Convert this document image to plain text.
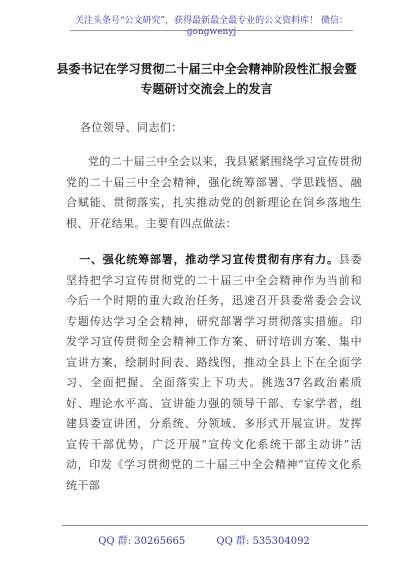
关注头条号“公文研究”，获得最新最全最专业的公文资料库！ 微信：gongwenyj
县委书记在学习贯彻二十届三中全会精神阶段性汇报会暨
专题研讨交流会上的发言
各位领导、同志们：
党的二十届三中全会以来，我县紧紧围绕学习宣传贯彻党的二十届三中全会精神，强化统筹部署、学思践悟、融合赋能、贯彻落实，扎实推动党的创新理论在饲乡落地生根、开花结果。主要有四点做法：
一、强化统筹部署，推动学习宣传贯彻有序有力。县委坚持把学习宣传贯彻党的二十届三中全会精神作为当前和今后一个时期的重大政治任务，迅速召开县委常委会会议专题传达学习全会精神，研究部署学习贯彻落实措施。印发学习宣传贯彻全会精神工作方案、研讨培训方案、集中宣讲方案，绘制时间表、路线图，推动全县上下在全面学习、全面把握、全面落实上下功夫。挑选37名政治素质好、理论水平高、宣讲能力强的领导干部、专家学者，组建县委宣讲团，分系统、分领域、多形式开展宣讲。发挥宣传干部优势，广泛开展“宣传文化系统干部主动讲”活动，印发《学习贯彻党的二十届三中全会精神“宣传文化系统干部
QQ 群: 30265665	QQ 群: 535304092
